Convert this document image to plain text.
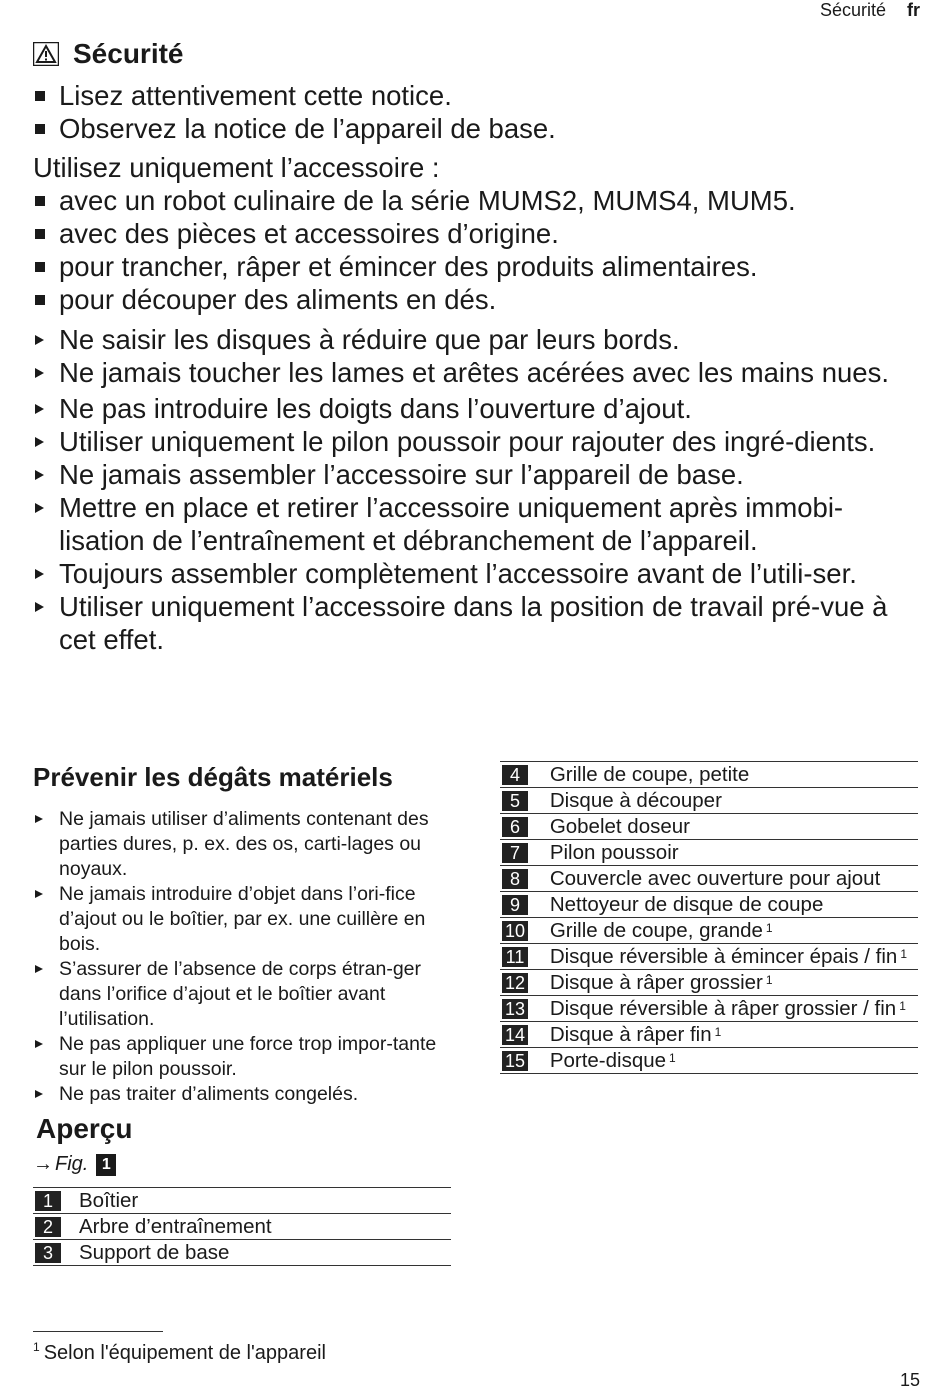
Sécurité fr
Sécurité
Lisez attentivement cette notice.
Observez la notice de l’appareil de base.
Utilisez uniquement l’accessoire :
avec un robot culinaire de la série MUMS2, MUMS4, MUM5.
avec des pièces et accessoires d’origine.
pour trancher, râper et émincer des produits alimentaires.
pour découper des aliments en dés.
Ne saisir les disques à réduire que par leurs bords.
Ne jamais toucher les lames et arêtes acérées avec les mains nues.
Ne pas introduire les doigts dans l’ouverture d’ajout.
Utiliser uniquement le pilon poussoir pour rajouter des ingré-dients.
Ne jamais assembler l’accessoire sur l’appareil de base.
Mettre en place et retirer l’accessoire uniquement après immobi-lisation de l’entraînement et débranchement de l’appareil.
Toujours assembler complètement l’accessoire avant de l’utili-ser.
Utiliser uniquement l’accessoire dans la position de travail pré-vue à cet effet.
Prévenir les dégâts matériels
Ne jamais utiliser d’aliments contenant des parties dures, p. ex. des os, carti-lages ou noyaux.
Ne jamais introduire d’objet dans l’ori-fice d’ajout ou le boîtier, par ex. une cuillère en bois.
S’assurer de l’absence de corps étran-ger dans l’orifice d’ajout et le boîtier avant l’utilisation.
Ne pas appliquer une force trop impor-tante sur le pilon poussoir.
Ne pas traiter d’aliments congelés.
Aperçu
→ Fig. 1
1	Boîtier
2	Arbre d’entraînement
3	Support de base
4	Grille de coupe, petite
5	Disque à découper
6	Gobelet doseur
7	Pilon poussoir
8	Couvercle avec ouverture pour ajout
9	Nettoyeur de disque de coupe
10	Grille de coupe, grande $^1$
11	Disque réversible à émincer épais / fin $^1$
12	Disque à râper grossier $^1$
13	Disque réversible à râper grossier / fin $^1$
14	Disque à râper fin $^1$
15	Porte-disque $^1$
$^1$ Selon l'équipement de l'appareil
15
